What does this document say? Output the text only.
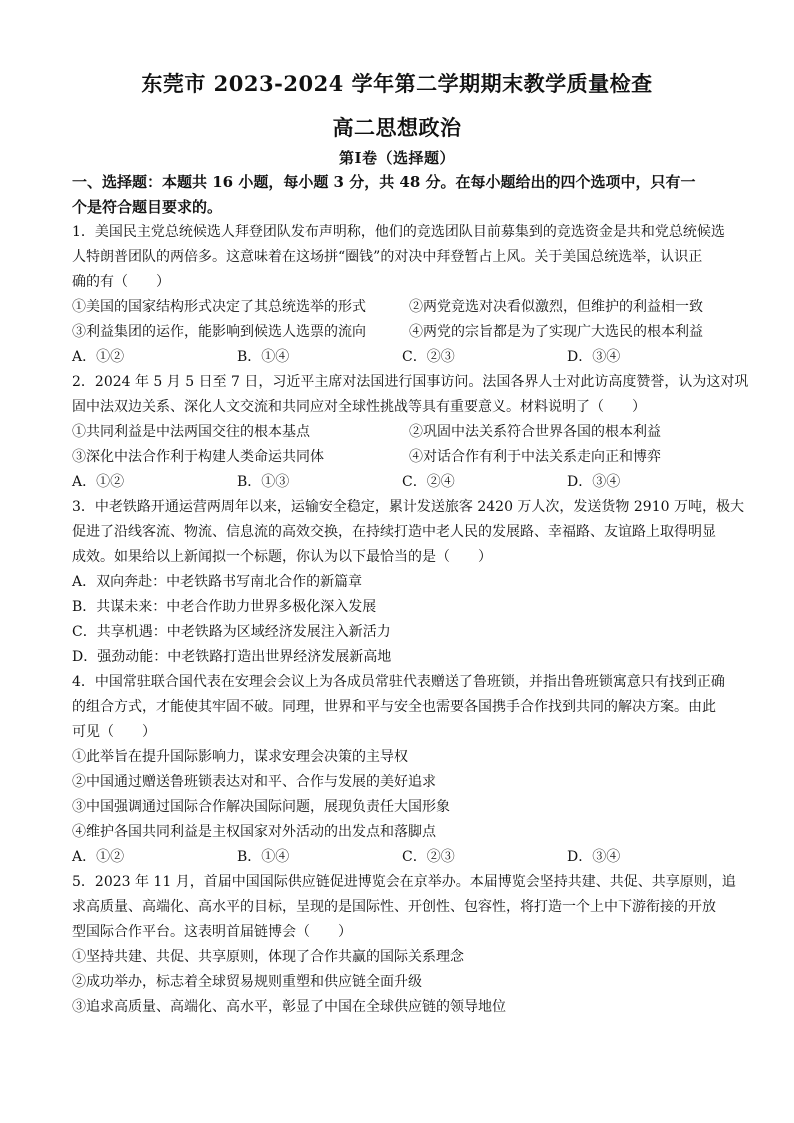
东莞市 2023-2024 学年第二学期期末教学质量检查
高二思想政治
第Ⅰ卷（选择题）
一、选择题：本题共 16 小题，每小题 3 分，共 48 分。在每小题给出的四个选项中，只有一
个是符合题目要求的。
1．美国民主党总统候选人拜登团队发布声明称，他们的竞选团队目前募集到的竞选资金是共和党总统候选
人特朗普团队的两倍多。这意味着在这场拼“圈钱”的对决中拜登暂占上风。关于美国总统选举，认识正
确的有（　　）
①美国的国家结构形式决定了其总统选举的形式	②两党竞选对决看似激烈，但维护的利益相一致
③利益集团的运作，能影响到候选人选票的流向	④两党的宗旨都是为了实现广大选民的根本利益
A．①②	B．①④	C．②③	D．③④
2．2024 年 5 月 5 日至 7 日，习近平主席对法国进行国事访问。法国各界人士对此访高度赞誉，认为这对巩
固中法双边关系、深化人文交流和共同应对全球性挑战等具有重要意义。材料说明了（　　）
①共同利益是中法两国交往的根本基点	②巩固中法关系符合世界各国的根本利益
③深化中法合作利于构建人类命运共同体	④对话合作有利于中法关系走向正和博弈
A．①②	B．①③	C．②④	D．③④
3．中老铁路开通运营两周年以来，运输安全稳定，累计发送旅客 2420 万人次，发送货物 2910 万吨，极大
促进了沿线客流、物流、信息流的高效交换，在持续打造中老人民的发展路、幸福路、友谊路上取得明显
成效。如果给以上新闻拟一个标题，你认为以下最恰当的是（　　）
A．双向奔赴：中老铁路书写南北合作的新篇章
B．共谋未来：中老合作助力世界多极化深入发展
C．共享机遇：中老铁路为区域经济发展注入新活力
D．强劲动能：中老铁路打造出世界经济发展新高地
4．中国常驻联合国代表在安理会会议上为各成员常驻代表赠送了鲁班锁，并指出鲁班锁寓意只有找到正确
的组合方式，才能使其牢固不破。同理，世界和平与安全也需要各国携手合作找到共同的解决方案。由此
可见（　　）
①此举旨在提升国际影响力，谋求安理会决策的主导权
②中国通过赠送鲁班锁表达对和平、合作与发展的美好追求
③中国强调通过国际合作解决国际问题，展现负责任大国形象
④维护各国共同利益是主权国家对外活动的出发点和落脚点
A．①②	B．①④	C．②③	D．③④
5．2023 年 11 月，首届中国国际供应链促进博览会在京举办。本届博览会坚持共建、共促、共享原则，追
求高质量、高端化、高水平的目标，呈现的是国际性、开创性、包容性，将打造一个上中下游衔接的开放
型国际合作平台。这表明首届链博会（　　）
①坚持共建、共促、共享原则，体现了合作共赢的国际关系理念
②成功举办，标志着全球贸易规则重塑和供应链全面升级
③追求高质量、高端化、高水平，彰显了中国在全球供应链的领导地位
